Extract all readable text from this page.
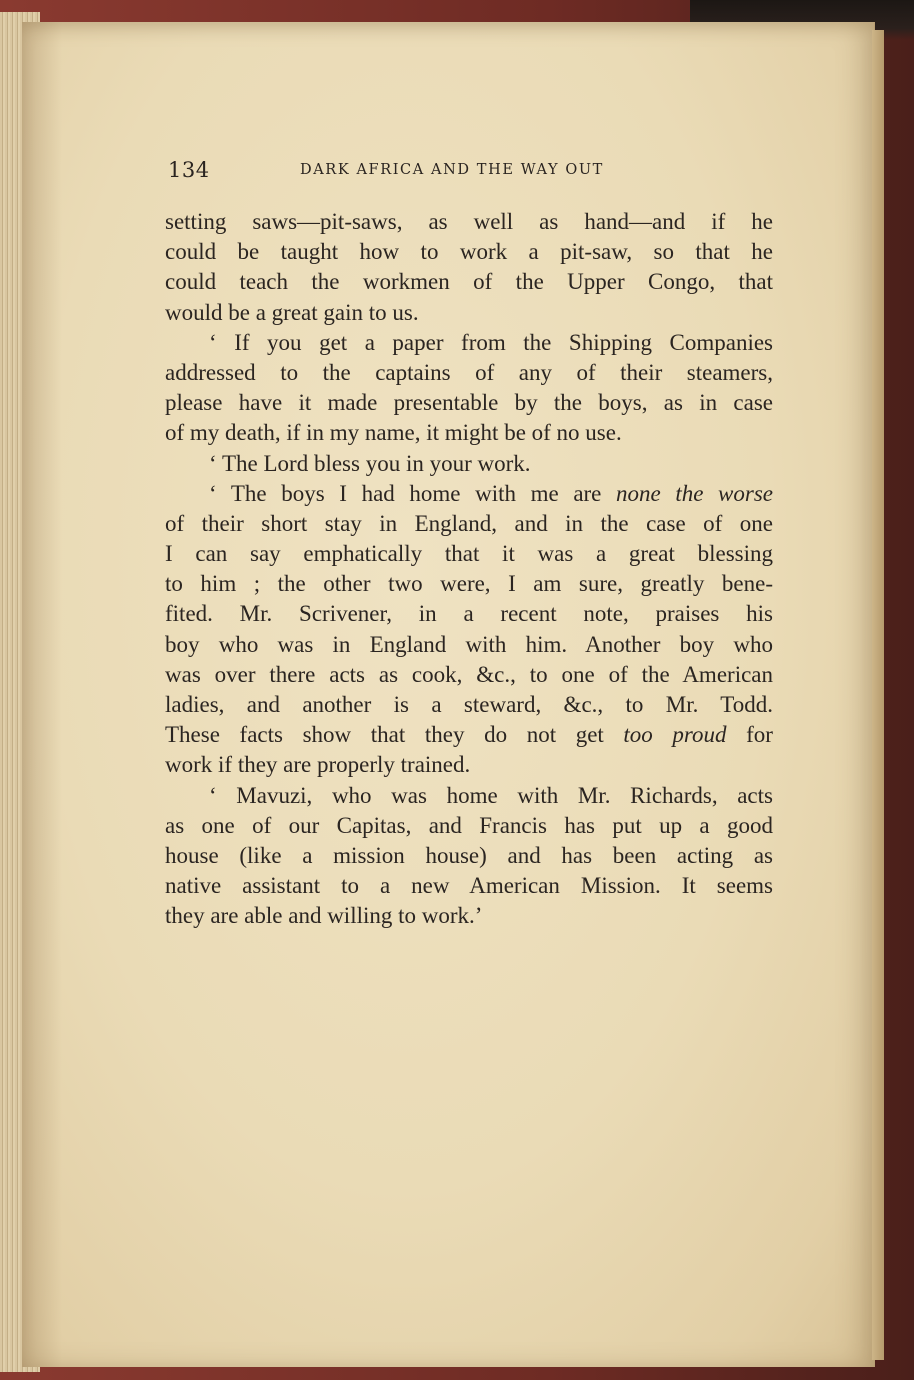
134	DARK AFRICA AND THE WAY OUT
setting saws—pit-saws, as well as hand—and if he
could be taught how to work a pit-saw, so that he
could teach the workmen of the Upper Congo, that
would be a great gain to us.
‘ If you get a paper from the Shipping Companies
addressed to the captains of any of their steamers,
please have it made presentable by the boys, as in case
of my death, if in my name, it might be of no use.
‘ The Lord bless you in your work.
‘ The boys I had home with me are none the worse
of their short stay in England, and in the case of one
I can say emphatically that it was a great blessing
to him ; the other two were, I am sure, greatly bene-
fited. Mr. Scrivener, in a recent note, praises his
boy who was in England with him. Another boy who
was over there acts as cook, &c., to one of the American
ladies, and another is a steward, &c., to Mr. Todd.
These facts show that they do not get too proud for
work if they are properly trained.
‘ Mavuzi, who was home with Mr. Richards, acts
as one of our Capitas, and Francis has put up a good
house (like a mission house) and has been acting as
native assistant to a new American Mission. It seems
they are able and willing to work.’
